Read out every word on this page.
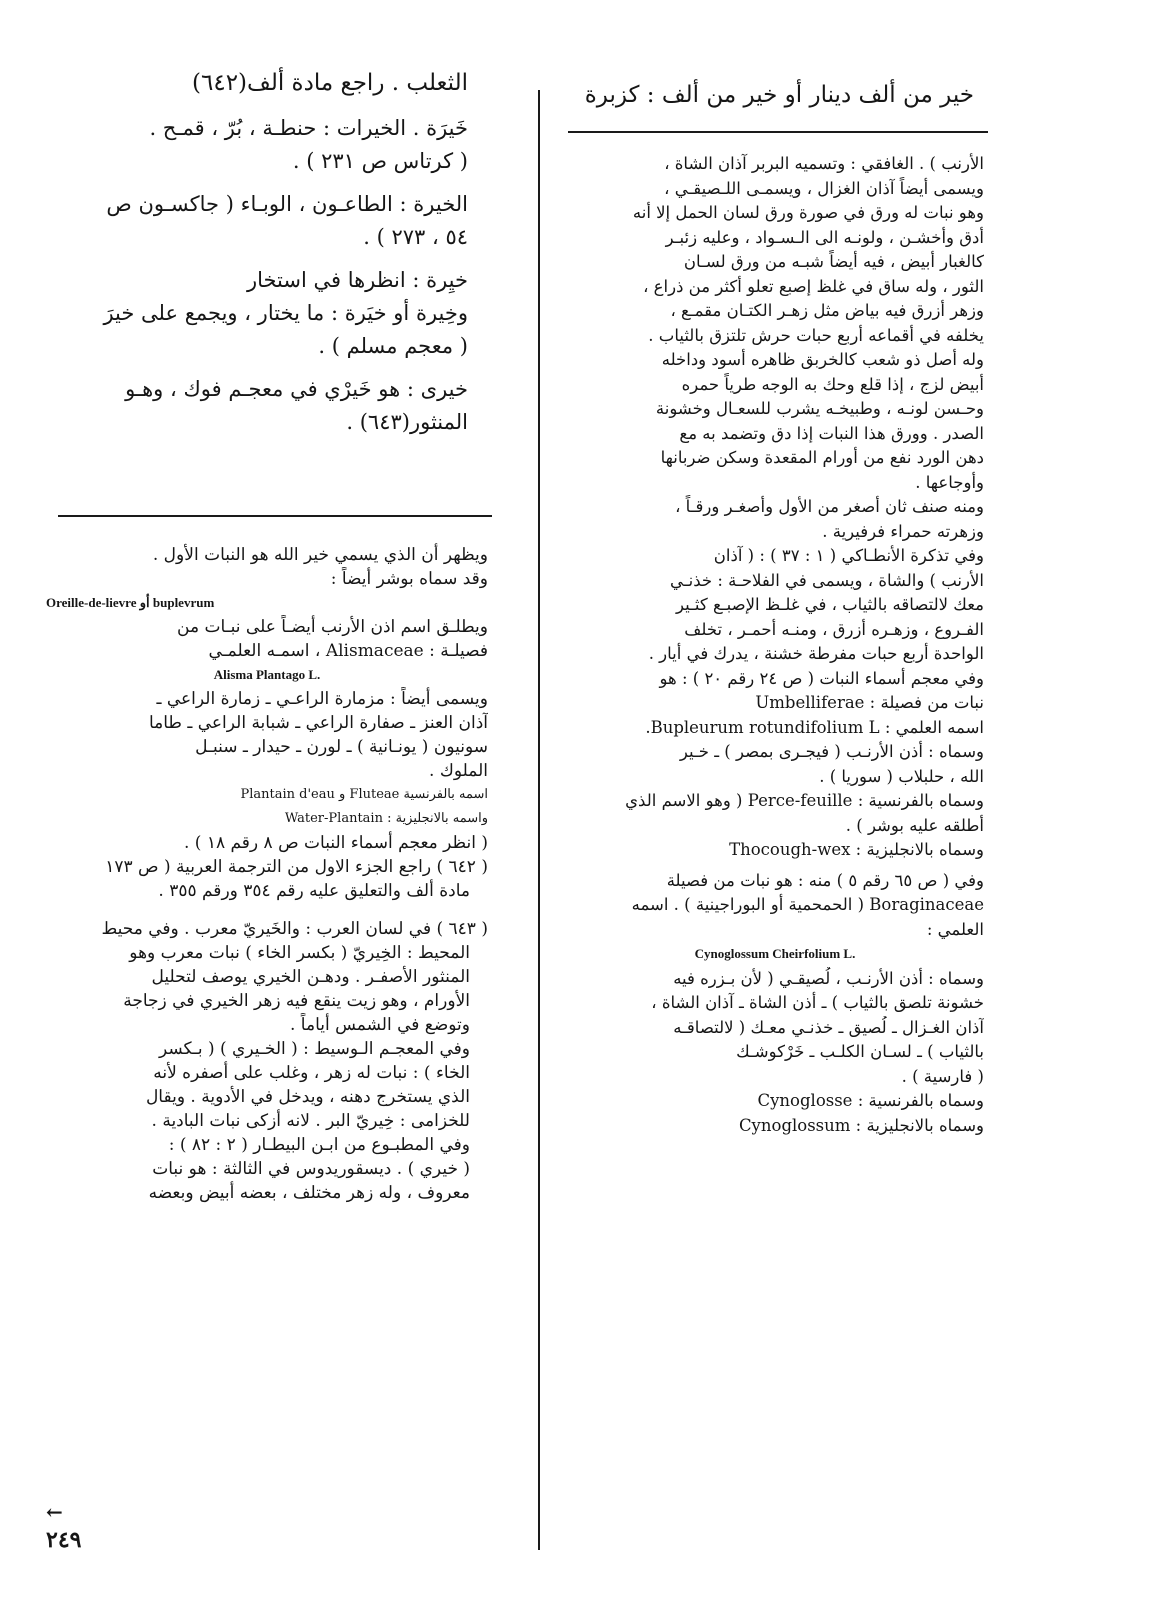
الثعلب . راجع مادة ألف(٦٤٢)	خير من ألف دينار أو خير من ألف : كزبرة
خَيرَة . الخيرات : حنطـة ، بُرّ ، قمـح .
( كرتاس ص ٢٣١ ) .
الخيرة : الطاعـون ، الوبـاء ( جاكسـون ص
٥٤ ، ٢٧٣ ) .
خيِرة : انظرها في استخار
وخِيرة أو خيَرة : ما يختار ، ويجمع على خيرَ
( معجم مسلم ) .
خيرى : هو خَيرْي في معجـم فوك ، وهـو
المنثور(٦٤٣) .
ويظهر أن الذي يسمي خير الله هو النبات الأول .
وقد سماه بوشر أيضاً :
Oreille-de-lievre أو buplevrum
ويطلـق اسم اذن الأرنب أيضـاً على نبـات من
فصيلـة : Alismaceae ، اسمـه العلمـي
Alisma Plantago L.
ويسمى أيضاً : مزمارة الراعـي ـ زمارة الراعي ـ
آذان العنز ـ صفارة الراعي ـ شبابة الراعي ـ طاما
سونيون ( يونـانية ) ـ لورن ـ حيدار ـ سنبـل
الملوك .
اسمه بالفرنسية Fluteae و Plantain d'eau
واسمه بالانجليزية : Water-Plantain
( انظر معجم أسماء النبات ص ٨ رقم ١٨ ) .
( ٦٤٢ ) راجع الجزء الاول من الترجمة العربية ( ص ١٧٣
مادة ألف والتعليق عليه رقم ٣٥٤ ورقم ٣٥٥ .
( ٦٤٣ ) في لسان العرب : والخَيريّ معرب . وفي محيط
المحيط : الخِيريّ ( بكسر الخاء ) نبات معرب وهو
المنثور الأصفـر . ودهـن الخيري يوصف لتحليل
الأورام ، وهو زيت ينقع فيه زهر الخيري في زجاجة
وتوضع في الشمس أياماً .
وفي المعجـم الـوسيط : ( الخـيري ) ( بـكسر
الخاء ) : نبات له زهر ، وغلب على أصفره لأنه
الذي يستخرج دهنه ، ويدخل في الأدوية . ويقال
للخزامى : خِيريّ البر . لانه أزكى نبات البادية .
وفي المطبـوع من ابـن البيطـار ( ٢ : ٨٢ ) :
( خيري ) . ديسقوريدوس في الثالثة : هو نبات
معروف ، وله زهر مختلف ، بعضه أبيض وبعضه
←
٢٤٩
الأرنب ) . الغافقي : وتسميه البربر آذان الشاة ،
ويسمى أيضاً آذان الغزال ، ويسمـى اللـصيقـي ،
وهو نبات له ورق في صورة ورق لسان الحمل إلا أنه
أدق وأخشـن ، ولونـه الى الـسـواد ، وعليه زئبـر
كالغبار أبيض ، فيه أيضاً شبـه من ورق لسـان
الثور ، وله ساق في غلظ إصبع تعلو أكثر من ذراع ،
وزهر أزرق فيه بياض مثل زهـر الكتـان مقمـع ،
يخلفه في أقماعه أربع حبات حرش تلتزق بالثياب .
وله أصل ذو شعب كالخربق ظاهره أسود وداخله
أبيض لزج ، إذا قلع وحك به الوجه طرياً حمره
وحـسن لونـه ، وطبيخـه يشرب للسعـال وخشونة
الصدر . وورق هذا النبات إذا دق وتضمد به مع
دهن الورد نفع من أورام المقعدة وسكن ضربانها
وأوجاعها .
ومنه صنف ثان أصغر من الأول وأصغـر ورقـاً ،
وزهرته حمراء فرفيرية .
وفي تذكرة الأنطـاكي ( ١ : ٣٧ ) : ( آذان
الأرنب ) والشاة ، ويسمى في الفلاحـة : خذنـي
معك لالتصاقه بالثياب ، في غلـظ الإصبـع كثـير
الفـروع ، وزهـره أزرق ، ومنـه أحمـر ، تخلف
الواحدة أربع حبات مفرطة خشنة ، يدرك في أيار .
وفي معجم أسماء النبات ( ص ٢٤ رقم ٢٠ ) : هو
نبات من فصيلة : Umbelliferae
اسمه العلمي : Bupleurum rotundifolium L.
وسماه : أذن الأرنـب ( فيجـرى بمصر ) ـ خـير
الله ، حلبلاب ( سوريا ) .
وسماه بالفرنسية : Perce-feuille ( وهو الاسم الذي
أطلقه عليه بوشر ) .
وسماه بالانجليزية : Thocough-wex
وفي ( ص ٦٥ رقم ٥ ) منه : هو نبات من فصيلة
Boraginaceae ( الحمحمية أو البوراجينية ) . اسمه
العلمي :
Cynoglossum Cheirfolium L.
وسماه : أذن الأرنـب ، لُصيقـي ( لأن بـزره فيه
خشونة تلصق بالثياب ) ـ أذن الشاة ـ آذان الشاة ،
آذان الغـزال ـ لُصيق ـ خذنـي معـك ( لالتصاقـه
بالثياب ) ـ لسـان الكلـب ـ خَرْكوشـك
( فارسية ) .
وسماه بالفرنسية : Cynoglosse
وسماه بالانجليزية : Cynoglossum
